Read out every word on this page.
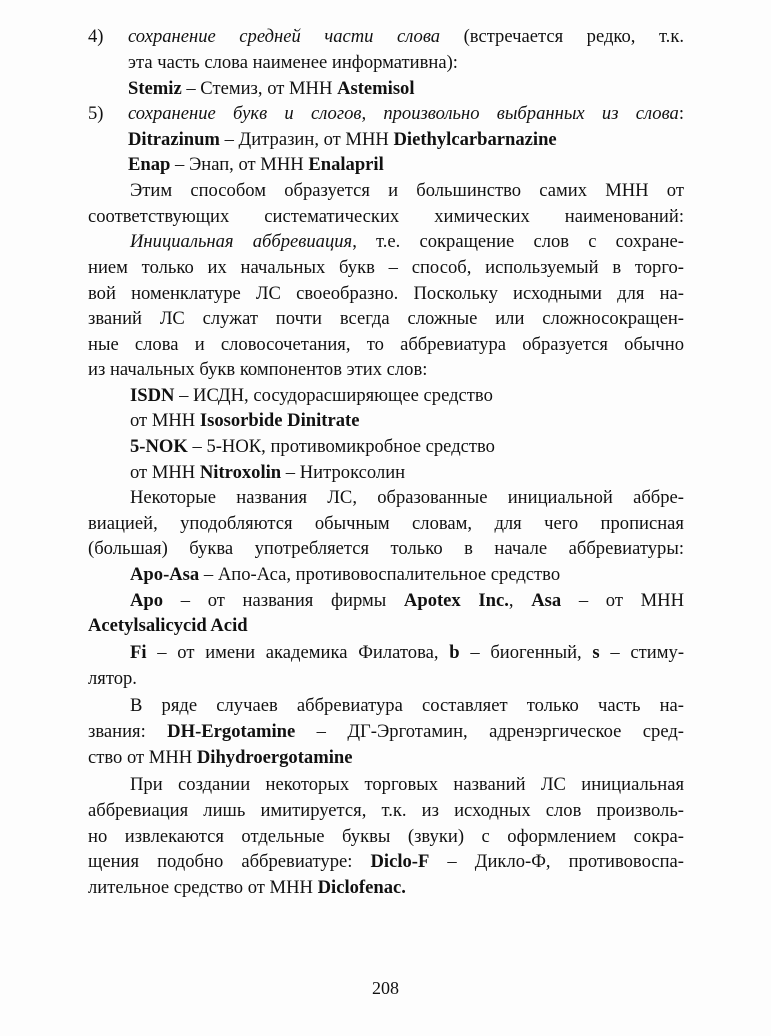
4) сохранение средней части слова (встречается редко, т.к.
эта часть слова наименее информативна):
Stemiz – Стемиз, от МНН Astemisol
5) сохранение букв и слогов, произвольно выбранных из слова:
Ditrazinum – Дитразин, от МНН Diethylcarbarnazine
Enap – Энап, от МНН Enalapril
Этим способом образуется и большинство самих МНН от
соответствующих систематических химических наименований:
Инициальная аббревиация, т.е. сокращение слов с сохране-
нием только их начальных букв – способ, используемый в торго-
вой номенклатуре ЛС своеобразно. Поскольку исходными для на-
званий ЛС служат почти всегда сложные или сложносокращен-
ные слова и словосочетания, то аббревиатура образуется обычно
из начальных букв компонентов этих слов:
ISDN – ИСДН, сосудорасширяющее средство
от МНН Isosorbide Dinitrate
5-NOK – 5-НОК, противомикробное средство
от МНН Nitroxolin – Нитроксолин
Некоторые названия ЛС, образованные инициальной аббре-
виацией, уподобляются обычным словам, для чего прописная
(большая) буква употребляется только в начале аббревиатуры:
Apo-Asa – Апо-Аса, противовоспалительное средство
Apo – от названия фирмы Apotex Inc., Asa – от МНН
Acetylsalicycid Acid
Fi – от имени академика Филатова, b – биогенный, s – стиму-
лятор.
В ряде случаев аббревиатура составляет только часть на-
звания: DH-Ergotamine – ДГ-Эрготамин, адренэргическое сред-
ство от МНН Dihydroergotamine
При создании некоторых торговых названий ЛС инициальная
аббревиация лишь имитируется, т.к. из исходных слов произволь-
но извлекаются отдельные буквы (звуки) с оформлением сокра-
щения подобно аббревиатуре: Diclo-F – Дикло-Ф, противовоспа-
лительное средство от МНН Diclofenac.
208
